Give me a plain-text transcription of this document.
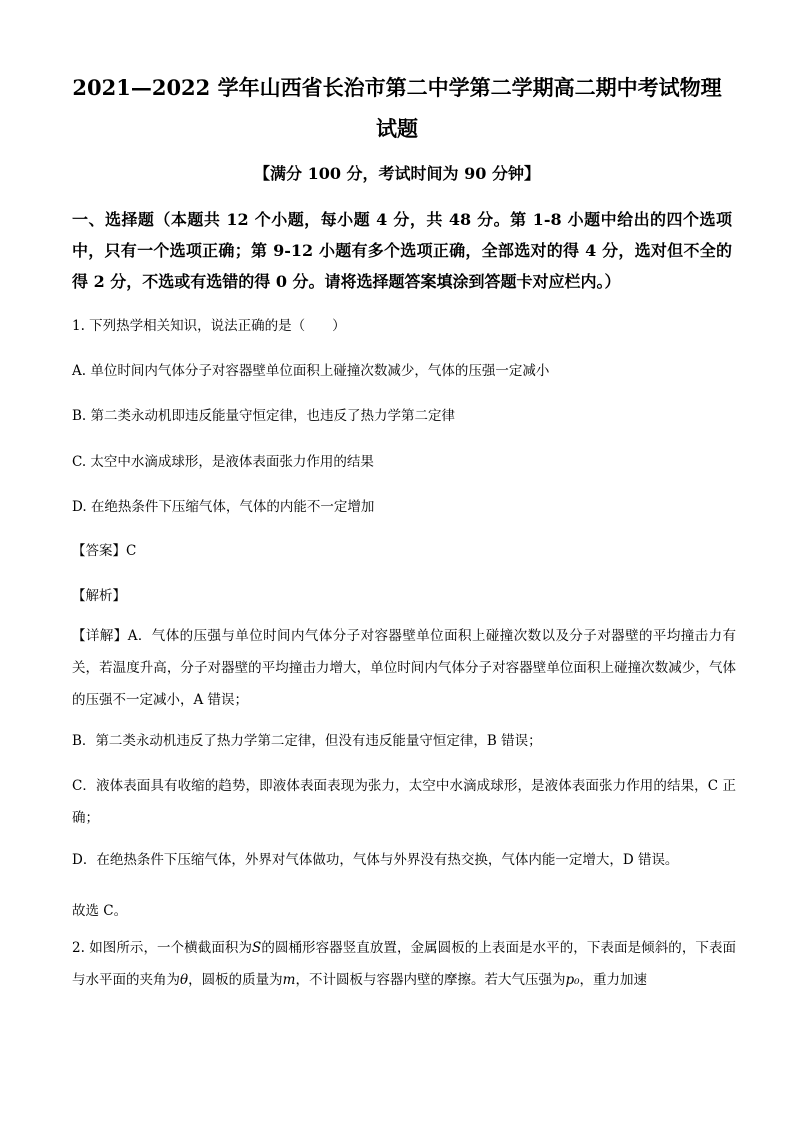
2021—2022 学年山西省长治市第二中学第二学期高二期中考试物理
试题
【满分 100 分，考试时间为 90 分钟】
一、选择题（本题共 12 个小题，每小题 4 分，共 48 分。第 1-8 小题中给出的四个选项中，只有一个选项正确；第 9-12 小题有多个选项正确，全部选对的得 4 分，选对但不全的得 2 分，不选或有选错的得 0 分。请将选择题答案填涂到答题卡对应栏内。）
1. 下列热学相关知识，说法正确的是（　　）
A. 单位时间内气体分子对容器壁单位面积上碰撞次数减少，气体的压强一定减小
B. 第二类永动机即违反能量守恒定律，也违反了热力学第二定律
C. 太空中水滴成球形，是液体表面张力作用的结果
D. 在绝热条件下压缩气体，气体的内能不一定增加
【答案】C
【解析】
【详解】A．气体的压强与单位时间内气体分子对容器壁单位面积上碰撞次数以及分子对器壁的平均撞击力有关，若温度升高，分子对器壁的平均撞击力增大，单位时间内气体分子对容器壁单位面积上碰撞次数减少，气体的压强不一定减小，A 错误；
B．第二类永动机违反了热力学第二定律，但没有违反能量守恒定律，B 错误；
C．液体表面具有收缩的趋势，即液体表面表现为张力，太空中水滴成球形，是液体表面张力作用的结果，C 正确；
D．在绝热条件下压缩气体，外界对气体做功，气体与外界没有热交换，气体内能一定增大，D 错误。
故选 C。
2. 如图所示，一个横截面积为S的圆桶形容器竖直放置，金属圆板的上表面是水平的，下表面是倾斜的，下表面与水平面的夹角为θ，圆板的质量为m，不计圆板与容器内壁的摩擦。若大气压强为p₀，重力加速
